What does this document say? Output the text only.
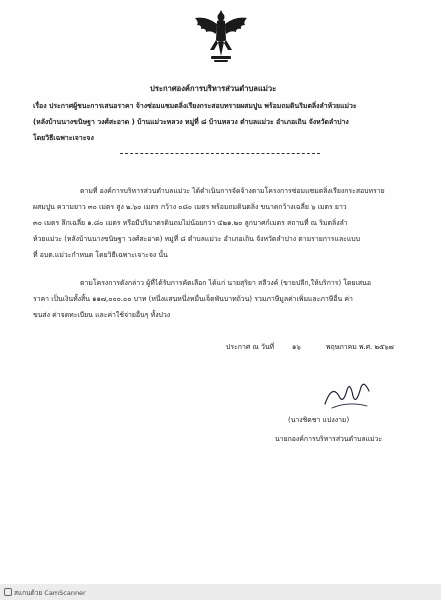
ประกาศองค์การบริหารส่วนตำบลแม่วะ
เรื่อง ประกาศผู้ชนะการเสนอราคา จ้างซ่อมแซมตลิ่งเรียงกระสอบทรายผสมปูน พร้อมถมดินริมตลิ่งลำห้วยแม่วะ
(หลังบ้านนางขนิษฐา วงศ์สะอาด ) บ้านแม่วะหลวง หมู่ที่ ๘ บ้านหลวง ตำบลแม่วะ อำเภอเถิน จังหวัดลำปาง
โดยวิธีเฉพาะเจาะจง
ตามที่ องค์การบริหารส่วนตำบลแม่วะ ได้ดำเนินการจัดจ้างตามโครงการซ่อมแซมตลิ่งเรียงกระสอบทราย
ผสมปูน ความยาว ๓๐ เมตร สูง ๒.๖๐ เมตร กว้าง ๐๘๐ เมตร พร้อมถมดินตลิ่ง ขนาดกว้างเฉลี่ย ๖ เมตร ยาว
๓๐ เมตร ลึกเฉลี่ย ๑.๘๐ เมตร หรือมีปริมาตรดินถมไม่น้อยกว่า ๔๒๑.๒๐ ลูกบาศก์เมตร สถานที่ ณ ริมตลิ่งลำ
ห้วยแม่วะ (หลังบ้านนางขนิษฐา วงศ์สะอาด) หมู่ที่ ๘ ตำบลแม่วะ อำเภอเถิน จังหวัดลำปาง ตามรายการและแบบ
ที่ อบต.แม่วะกำหนด โดยวิธีเฉพาะเจาะจง นั้น
ตามโครงการดังกล่าว ผู้ที่ได้รับการคัดเลือก ได้แก่ นายสุริยา สลีวงค์ (ขายปลีก,ให้บริการ) โดยเสนอ
ราคา เป็นเงินทั้งสิ้น ๑๑๗,๐๐๐.๐๐ บาท (หนึ่งแสนหนึ่งหมื่นเจ็ดพันบาทถ้วน) รวมภาษีมูลค่าเพิ่มและภาษีอื่น ค่า
ขนส่ง ค่าจดทะเบียน และค่าใช้จ่ายอื่นๆ ทั้งปวง
ประกาศ ณ วันที่	๑๖	พฤษภาคม พ.ศ. ๒๕๖๗
(นางชิดชา แปงงาม)
นายกองค์การบริหารส่วนตำบลแม่วะ
สแกนด้วย CamScanner
